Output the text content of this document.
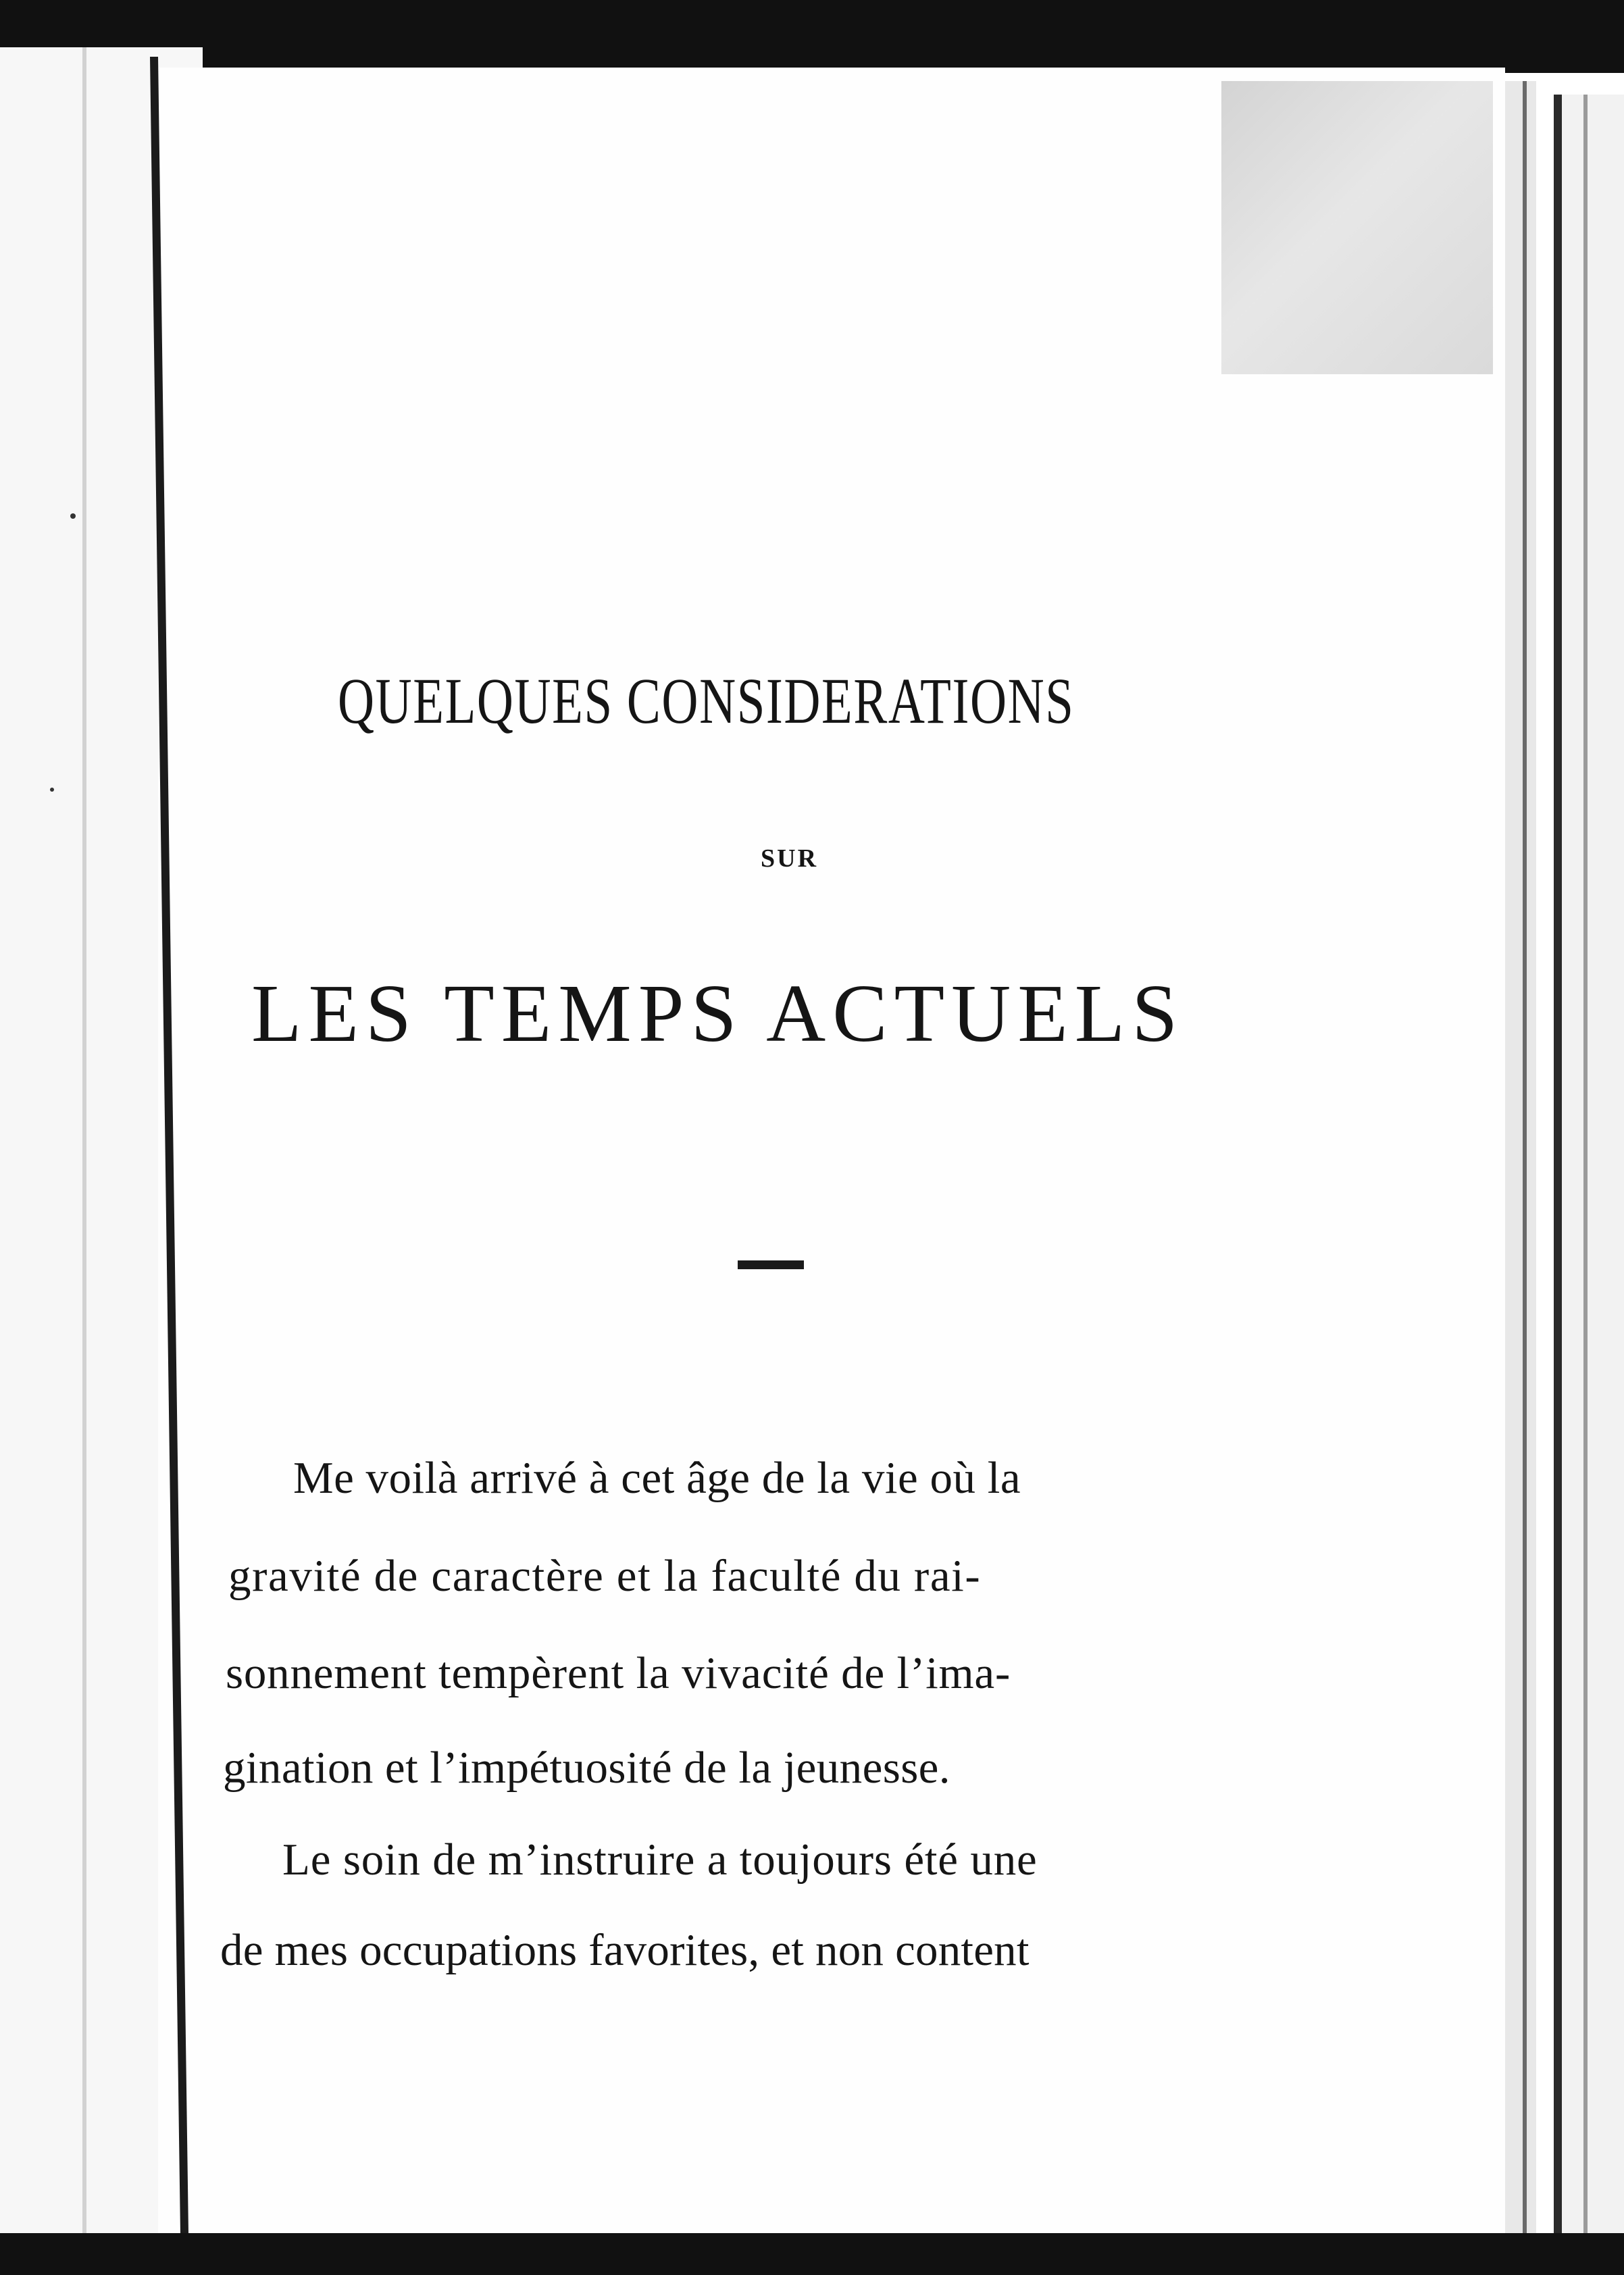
QUELQUES CONSIDERATIONS
SUR
LES TEMPS ACTUELS
Me voilà arrivé à cet âge de la vie où la
gravité de caractère et la faculté du rai-
sonnement tempèrent la vivacité de l’ima-
gination et l’impétuosité de la jeunesse.
Le soin de m’instruire a toujours été une
de mes occupations favorites, et non content
